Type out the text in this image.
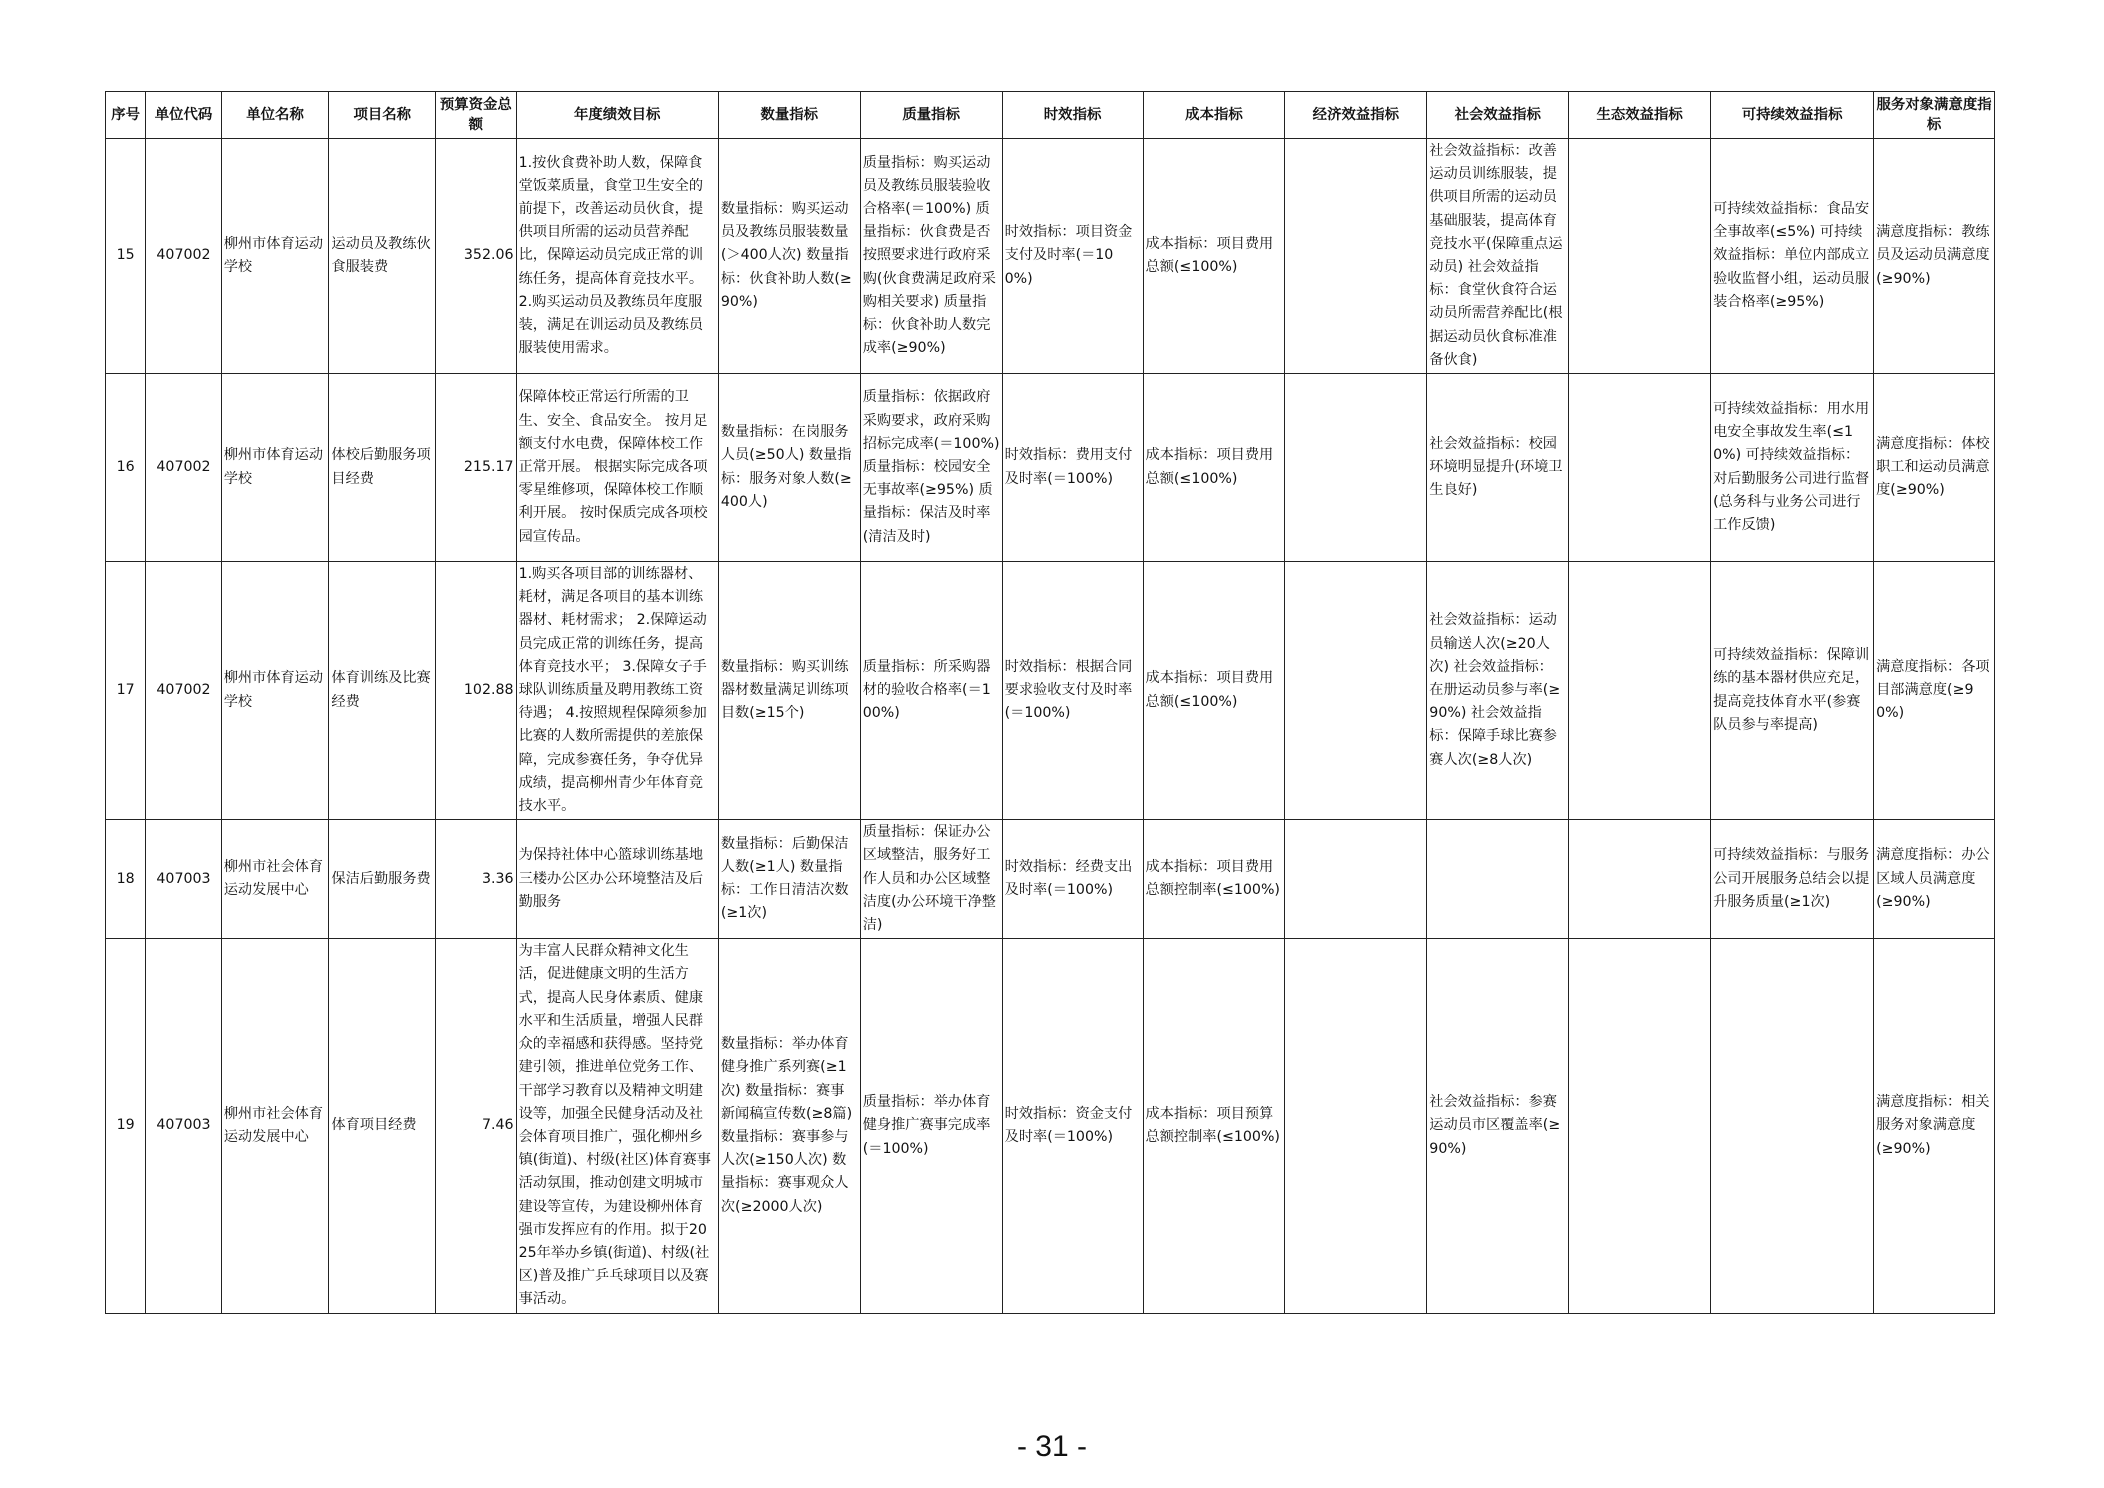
序号	单位代码	单位名称	项目名称	预算资金总额	年度绩效目标	数量指标	质量指标	时效指标	成本指标	经济效益指标	社会效益指标	生态效益指标	可持续效益指标	服务对象满意度指标
15	407002	柳州市体育运动学校	运动员及教练伙食服装费	352.06	1.按伙食费补助人数，保障食堂饭菜质量，食堂卫生安全的前提下，改善运动员伙食，提供项目所需的运动员营养配比，保障运动员完成正常的训练任务，提高体育竞技水平。 2.购买运动员及教练员年度服装，满足在训运动员及教练员服装使用需求。	数量指标：购买运动员及教练员服装数量(＞400人次) 数量指标：伙食补助人数(≥90%)	质量指标：购买运动员及教练员服装验收合格率(＝100%) 质量指标：伙食费是否按照要求进行政府采购(伙食费满足政府采购相关要求) 质量指标：伙食补助人数完成率(≥90%)	时效指标：项目资金支付及时率(＝100%)	成本指标：项目费用总额(≤100%)		社会效益指标：改善运动员训练服装，提供项目所需的运动员基础服装，提高体育竞技水平(保障重点运动员) 社会效益指标：食堂伙食符合运动员所需营养配比(根据运动员伙食标准准备伙食)		可持续效益指标：食品安全事故率(≤5%) 可持续效益指标：单位内部成立验收监督小组，运动员服装合格率(≥95%)	满意度指标：教练员及运动员满意度(≥90%)
16	407002	柳州市体育运动学校	体校后勤服务项目经费	215.17	保障体校正常运行所需的卫生、安全、食品安全。 按月足额支付水电费，保障体校工作正常开展。 根据实际完成各项零星维修项，保障体校工作顺利开展。 按时保质完成各项校园宣传品。	数量指标：在岗服务人员(≥50人) 数量指标：服务对象人数(≥400人)	质量指标：依据政府采购要求，政府采购招标完成率(＝100%) 质量指标：校园安全无事故率(≥95%) 质量指标：保洁及时率(清洁及时)	时效指标：费用支付及时率(＝100%)	成本指标：项目费用总额(≤100%)		社会效益指标：校园环境明显提升(环境卫生良好)		可持续效益指标：用水用电安全事故发生率(≤10%) 可持续效益指标：对后勤服务公司进行监督(总务科与业务公司进行工作反馈)	满意度指标：体校职工和运动员满意度(≥90%)
17	407002	柳州市体育运动学校	体育训练及比赛经费	102.88	1.购买各项目部的训练器材、耗材，满足各项目的基本训练器材、耗材需求； 2.保障运动员完成正常的训练任务，提高体育竞技水平； 3.保障女子手球队训练质量及聘用教练工资待遇； 4.按照规程保障须参加比赛的人数所需提供的差旅保障，完成参赛任务，争夺优异成绩，提高柳州青少年体育竞技水平。	数量指标：购买训练器材数量满足训练项目数(≥15个)	质量指标：所采购器材的验收合格率(＝100%)	时效指标：根据合同要求验收支付及时率(＝100%)	成本指标：项目费用总额(≤100%)		社会效益指标：运动员输送人次(≥20人次) 社会效益指标：在册运动员参与率(≥90%) 社会效益指标：保障手球比赛参赛人次(≥8人次)		可持续效益指标：保障训练的基本器材供应充足，提高竞技体育水平(参赛队员参与率提高)	满意度指标：各项目部满意度(≥90%)
18	407003	柳州市社会体育运动发展中心	保洁后勤服务费	3.36	为保持社体中心篮球训练基地三楼办公区办公环境整洁及后勤服务	数量指标：后勤保洁人数(≥1人) 数量指标：工作日清洁次数(≥1次)	质量指标：保证办公区域整洁，服务好工作人员和办公区域整洁度(办公环境干净整洁)	时效指标：经费支出及时率(＝100%)	成本指标：项目费用总额控制率(≤100%)				可持续效益指标：与服务公司开展服务总结会以提升服务质量(≥1次)	满意度指标：办公区域人员满意度(≥90%)
19	407003	柳州市社会体育运动发展中心	体育项目经费	7.46	为丰富人民群众精神文化生活，促进健康文明的生活方式，提高人民身体素质、健康水平和生活质量，增强人民群众的幸福感和获得感。坚持党建引领，推进单位党务工作、干部学习教育以及精神文明建设等，加强全民健身活动及社会体育项目推广，强化柳州乡镇(街道)、村级(社区)体育赛事活动氛围，推动创建文明城市建设等宣传，为建设柳州体育强市发挥应有的作用。拟于2025年举办乡镇(街道)、村级(社区)普及推广乒乓球项目以及赛事活动。	数量指标：举办体育健身推广系列赛(≥1次) 数量指标：赛事新闻稿宣传数(≥8篇) 数量指标：赛事参与人次(≥150人次) 数量指标：赛事观众人次(≥2000人次)	质量指标：举办体育健身推广赛事完成率(＝100%)	时效指标：资金支付及时率(＝100%)	成本指标：项目预算总额控制率(≤100%)		社会效益指标：参赛运动员市区覆盖率(≥90%)			满意度指标：相关服务对象满意度(≥90%)
- 31 -
